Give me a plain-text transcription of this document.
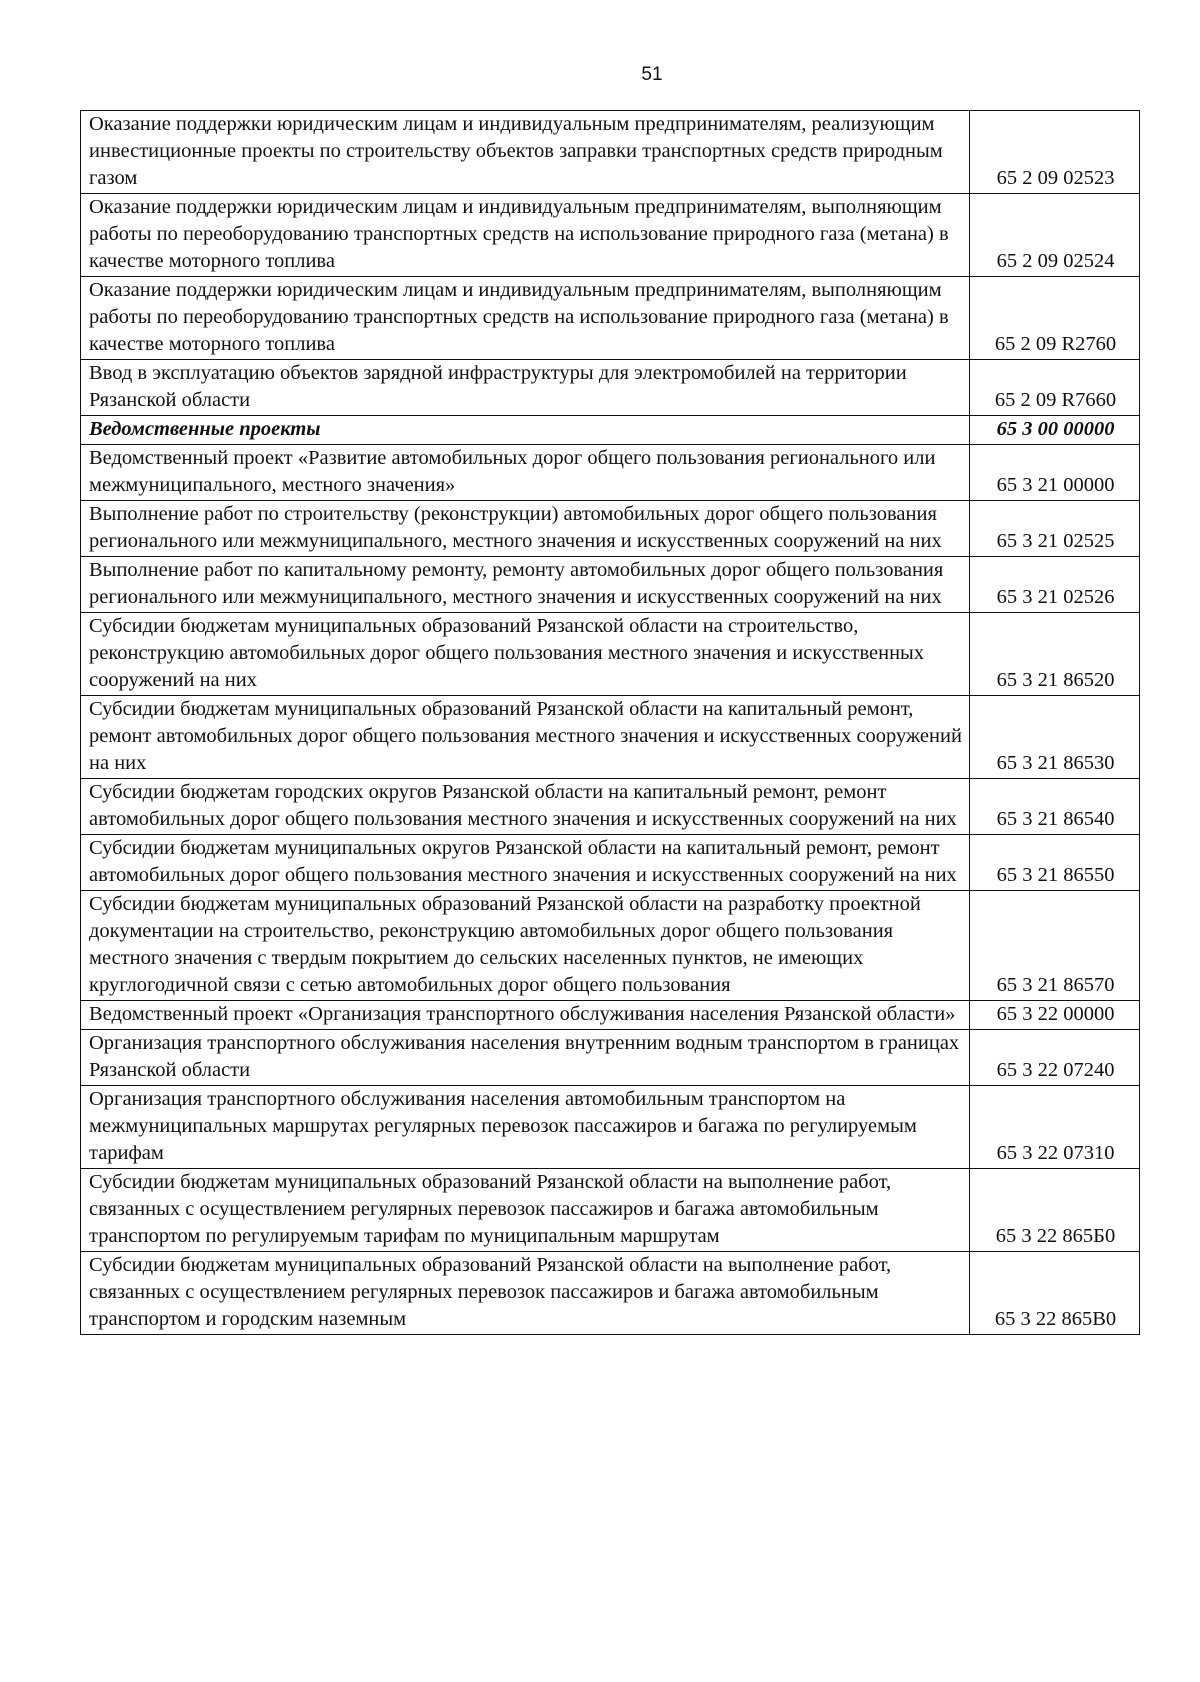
51
Оказание поддержки юридическим лицам и индивидуальным предпринимателям, реализующим инвестиционные проекты по строительству объектов заправки транспортных средств природным газом	65 2 09 02523
Оказание поддержки юридическим лицам и индивидуальным предпринимателям, выполняющим работы по переоборудованию транспортных средств на использование природного газа (метана) в качестве моторного топлива	65 2 09 02524
Оказание поддержки юридическим лицам и индивидуальным предпринимателям, выполняющим работы по переоборудованию транспортных средств на использование природного газа (метана) в качестве моторного топлива	65 2 09 R2760
Ввод в эксплуатацию объектов зарядной инфраструктуры для электромобилей на территории Рязанской области	65 2 09 R7660
Ведомственные проекты	65 3 00 00000
Ведомственный проект «Развитие автомобильных дорог общего пользования регионального или межмуниципального, местного значения»	65 3 21 00000
Выполнение работ по строительству (реконструкции) автомобильных дорог общего пользования регионального или межмуниципального, местного значения и искусственных сооружений на них	65 3 21 02525
Выполнение работ по капитальному ремонту, ремонту автомобильных дорог общего пользования регионального или межмуниципального, местного значения и искусственных сооружений на них	65 3 21 02526
Субсидии бюджетам муниципальных образований Рязанской области на строительство, реконструкцию автомобильных дорог общего пользования местного значения и искусственных сооружений на них	65 3 21 86520
Субсидии бюджетам муниципальных образований Рязанской области на капитальный ремонт, ремонт автомобильных дорог общего пользования местного значения и искусственных сооружений на них	65 3 21 86530
Субсидии бюджетам городских округов Рязанской области на капитальный ремонт, ремонт автомобильных дорог общего пользования местного значения и искусственных сооружений на них	65 3 21 86540
Субсидии бюджетам муниципальных округов Рязанской области на капитальный ремонт, ремонт автомобильных дорог общего пользования местного значения и искусственных сооружений на них	65 3 21 86550
Субсидии бюджетам муниципальных образований Рязанской области на разработку проектной документации на строительство, реконструкцию автомобильных дорог общего пользования местного значения с твердым покрытием до сельских населенных пунктов, не имеющих круглогодичной связи с сетью автомобильных дорог общего пользования	65 3 21 86570
Ведомственный проект «Организация транспортного обслуживания населения Рязанской области»	65 3 22 00000
Организация транспортного обслуживания населения внутренним водным транспортом в границах Рязанской области	65 3 22 07240
Организация транспортного обслуживания населения автомобильным транспортом на межмуниципальных маршрутах регулярных перевозок пассажиров и багажа по регулируемым тарифам	65 3 22 07310
Субсидии бюджетам муниципальных образований Рязанской области на выполнение работ, связанных с осуществлением регулярных перевозок пассажиров и багажа автомобильным транспортом по регулируемым тарифам по муниципальным маршрутам	65 3 22 865Б0
Субсидии бюджетам муниципальных образований Рязанской области на выполнение работ, связанных с осуществлением регулярных перевозок пассажиров и багажа автомобильным транспортом и городским наземным	65 3 22 865В0
